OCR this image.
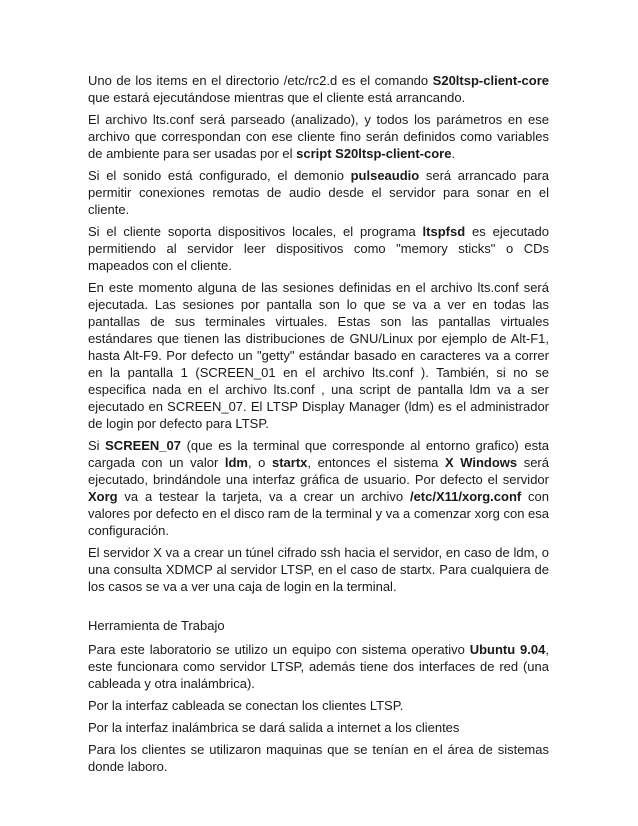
Uno de los items en el directorio /etc/rc2.d es el comando S20ltsp-client-core que estará ejecutándose mientras que el cliente está arrancando.

El archivo lts.conf será parseado (analizado), y todos los parámetros en ese archivo que correspondan con ese cliente fino serán definidos como variables de ambiente para ser usadas por el script S20ltsp-client-core.

Si el sonido está configurado, el demonio pulseaudio será arrancado para permitir conexiones remotas de audio desde el servidor para sonar en el cliente.

Si el cliente soporta dispositivos locales, el programa ltspfsd es ejecutado permitiendo al servidor leer dispositivos como "memory sticks" o CDs mapeados con el cliente.

En este momento alguna de las sesiones definidas en el archivo lts.conf será ejecutada. Las sesiones por pantalla son lo que se va a ver en todas las pantallas de sus terminales virtuales. Estas son las pantallas virtuales estándares que tienen las distribuciones de GNU/Linux por ejemplo de Alt-F1, hasta Alt-F9. Por defecto un "getty" estándar basado en caracteres va a correr en la pantalla 1 (SCREEN_01 en el archivo lts.conf ). También, si no se especifica nada en el archivo lts.conf , una script de pantalla ldm va a ser ejecutado en SCREEN_07. El LTSP Display Manager (ldm) es el administrador de login por defecto para LTSP.

Si SCREEN_07 (que es la terminal que corresponde al entorno grafico) esta cargada con un valor ldm, o startx, entonces el sistema X Windows será ejecutado, brindándole una interfaz gráfica de usuario. Por defecto el servidor Xorg va a testear la tarjeta, va a crear un archivo /etc/X11/xorg.conf con valores por defecto en el disco ram de la terminal y va a comenzar xorg con esa configuración.

El servidor X va a crear un túnel cifrado ssh hacia el servidor, en caso de ldm, o una consulta XDMCP al servidor LTSP, en el caso de startx. Para cualquiera de los casos se va a ver una caja de login en la terminal.

Herramienta de Trabajo

Para este laboratorio se utilizo un equipo con sistema operativo Ubuntu 9.04, este funcionara como servidor LTSP, además tiene dos interfaces de red (una cableada y otra inalámbrica).

Por la interfaz cableada se conectan los clientes LTSP.

Por la interfaz inalámbrica se dará salida a internet a los clientes

Para los clientes se utilizaron maquinas que se tenían en el área de sistemas donde laboro.
